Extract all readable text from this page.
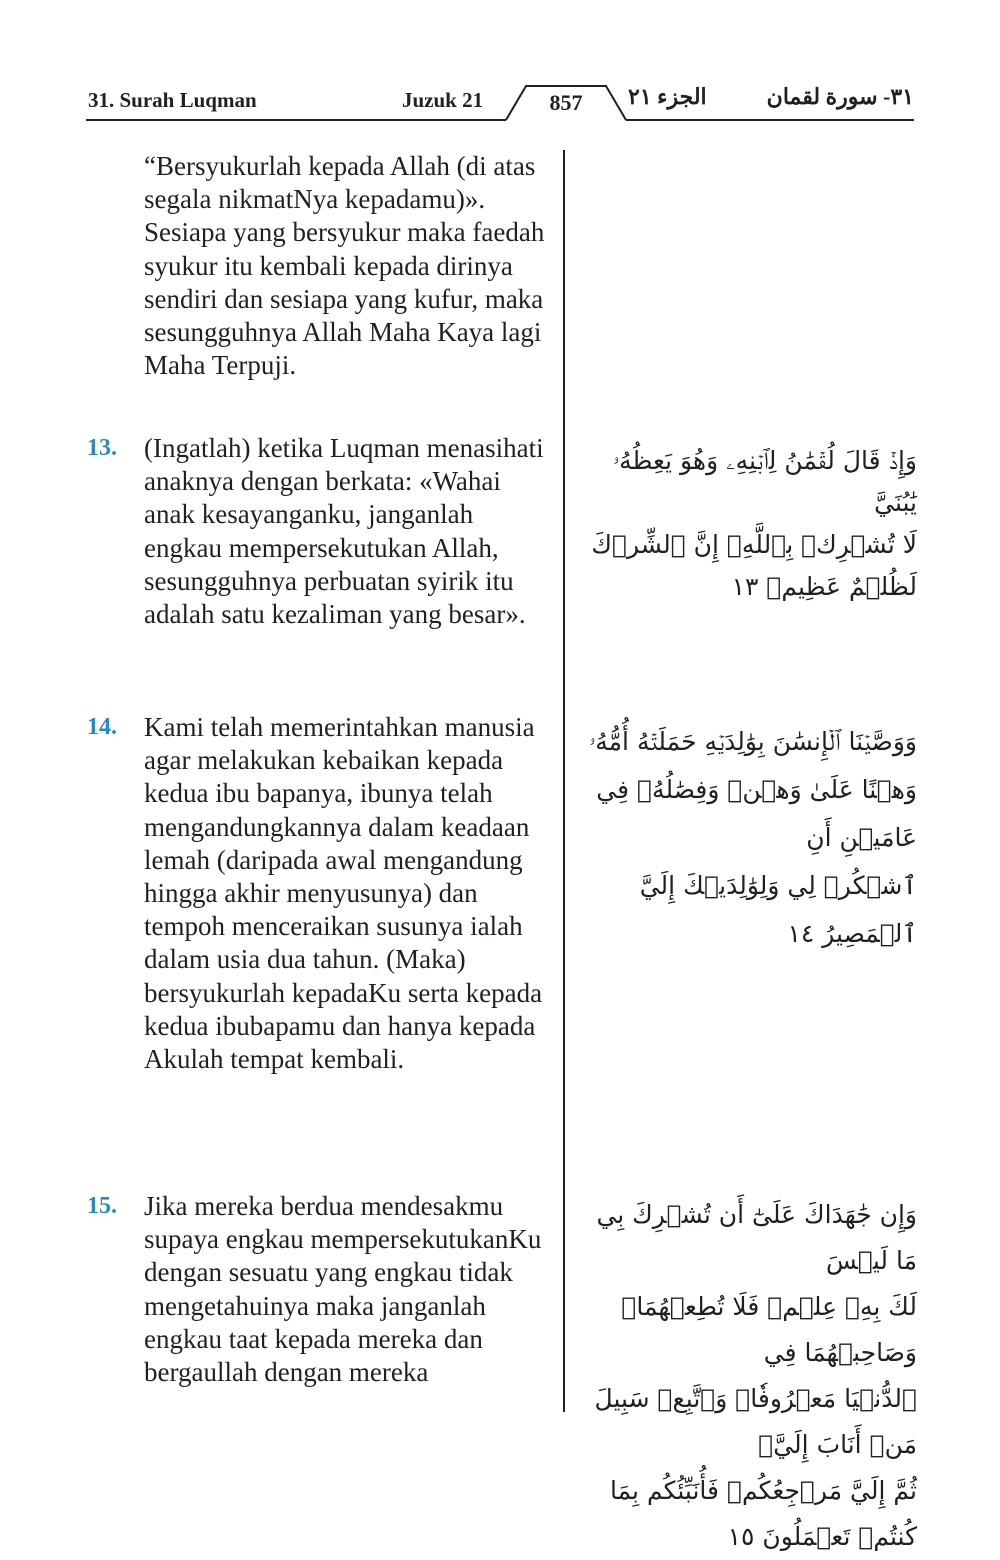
31. Surah Luqman	Juzuk 21	857 الجزء ٢١	٣١- سورة لقمان

“Bersyukurlah kepada Allah (di atas segala nikmatNya kepadamu)». Sesiapa yang bersyukur maka faedah syukur itu kembali kepada dirinya sendiri dan sesiapa yang kufur, maka sesungguhnya Allah Maha Kaya lagi Maha Terpuji.

13. (Ingatlah) ketika Luqman menasihati anaknya dengan berkata: «Wahai anak kesayanganku, janganlah engkau mempersekutukan Allah, sesungguhnya perbuatan syirik itu adalah satu kezaliman yang besar».

14. Kami telah memerintahkan manusia agar melakukan kebaikan kepada kedua ibu bapanya, ibunya telah mengandungkannya dalam keadaan lemah (daripada awal mengandung hingga akhir menyusunya) dan tempoh menceraikan susunya ialah dalam usia dua tahun. (Maka) bersyukurlah kepadaKu serta kepada kedua ibubapamu dan hanya kepada Akulah tempat kembali.

15. Jika mereka berdua mendesakmu supaya engkau mempersekutukanKu dengan sesuatu yang engkau tidak mengetahuinya maka janganlah engkau taat kepada mereka dan bergaullah dengan mereka

وَإِذۡ قَالَ لُقۡمَٰنُ لِٱبۡنِهِۦ وَهُوَ يَعِظُهُۥ يَٰبُنَيَّ
لَا تُشۡرِكۡ بِٱللَّهِۖ إِنَّ ٱلشِّرۡكَ لَظُلۡمٌ عَظِيمٞ ١٣
وَوَصَّيۡنَا ٱلۡإِنسَٰنَ بِوَٰلِدَيۡهِ حَمَلَتۡهُ أُمُّهُۥ
وَهۡنًا عَلَىٰ وَهۡنٖ وَفِصَٰلُهُۥ فِي عَامَيۡنِ أَنِ
ٱشۡكُرۡ لِي وَلِوَٰلِدَيۡكَ إِلَيَّ ٱلۡمَصِيرُ ١٤
وَإِن جَٰهَدَاكَ عَلَىٰٓ أَن تُشۡرِكَ بِي مَا لَيۡسَ
لَكَ بِهِۦ عِلۡمٞ فَلَا تُطِعۡهُمَاۖ وَصَاحِبۡهُمَا فِي
ٱلدُّنۡيَا مَعۡرُوفٗاۖ وَٱتَّبِعۡ سَبِيلَ مَنۡ أَنَابَ إِلَيَّۚ
ثُمَّ إِلَيَّ مَرۡجِعُكُمۡ فَأُنَبِّئُكُم بِمَا
كُنتُمۡ تَعۡمَلُونَ ١٥
